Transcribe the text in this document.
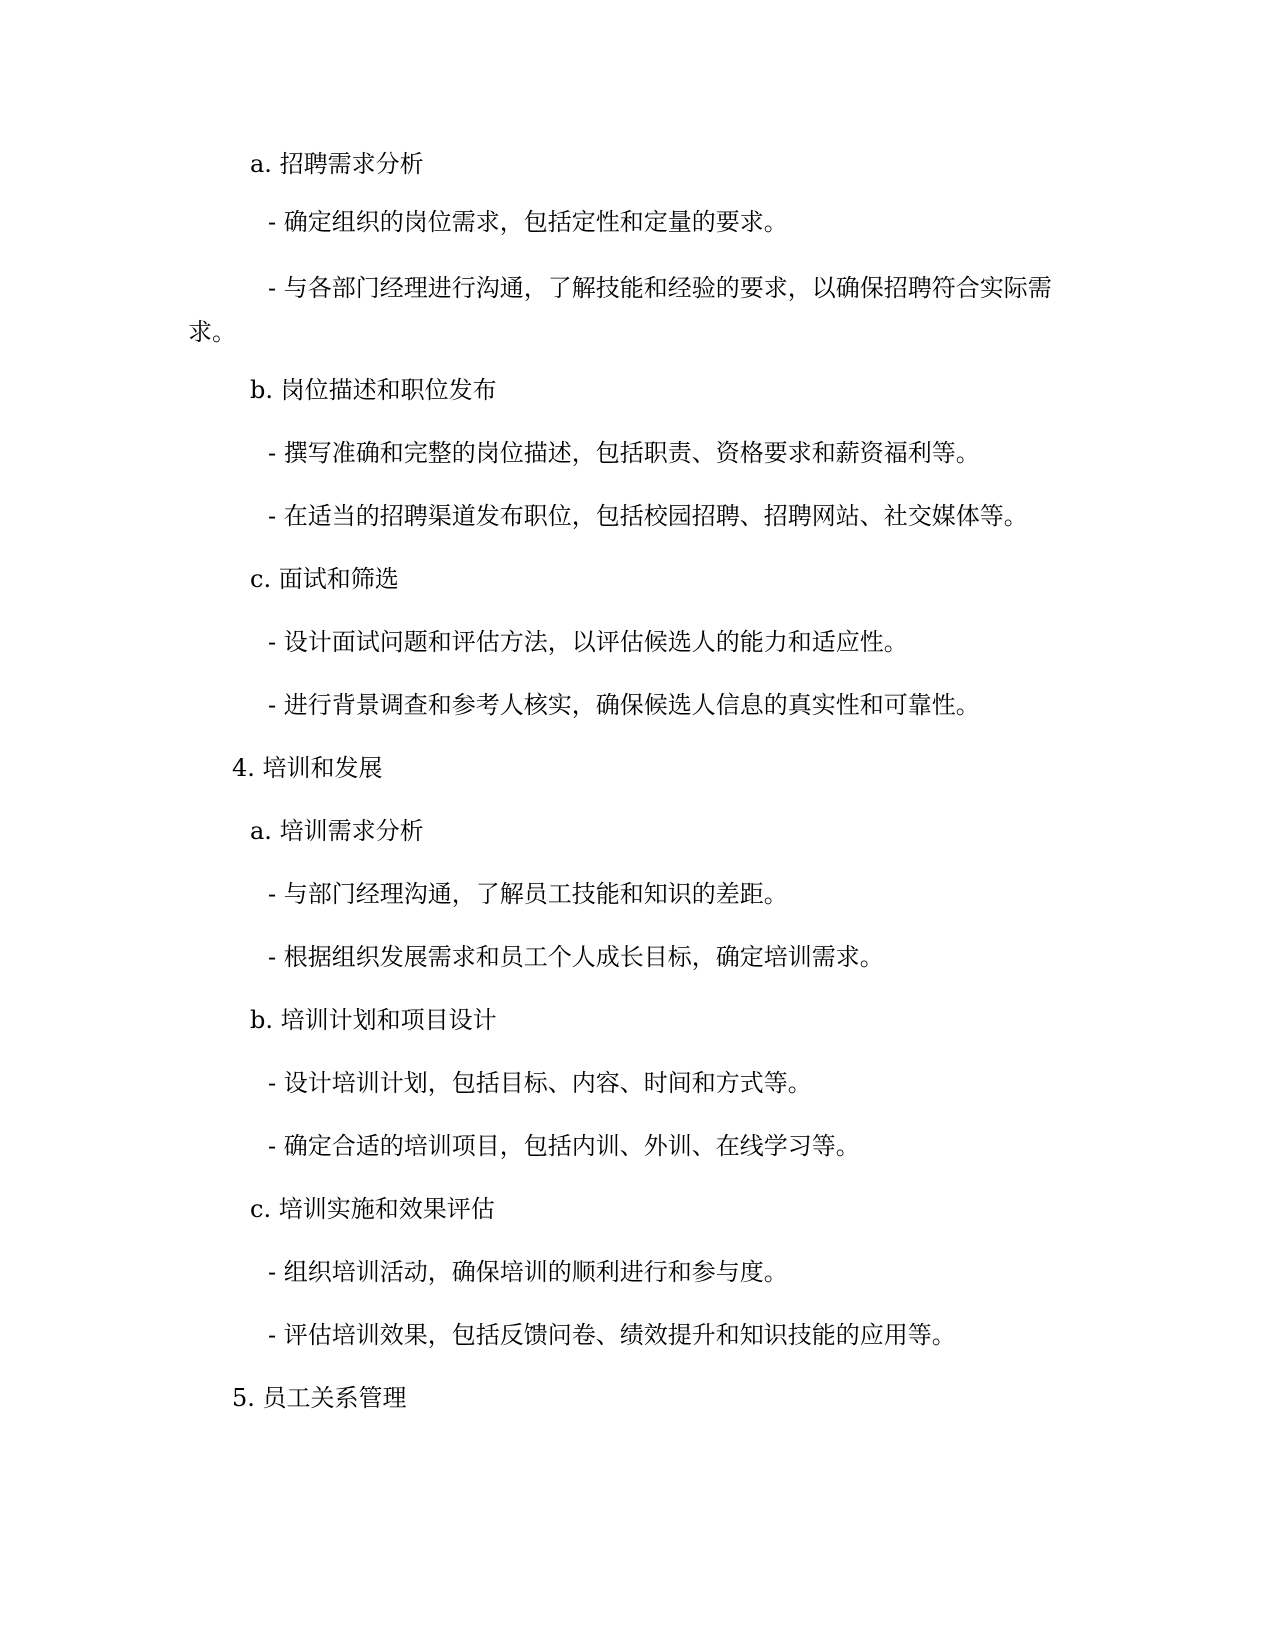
a. 招聘需求分析
- 确定组织的岗位需求，包括定性和定量的要求。
- 与各部门经理进行沟通，了解技能和经验的要求，以确保招聘符合实际需求。
b. 岗位描述和职位发布
- 撰写准确和完整的岗位描述，包括职责、资格要求和薪资福利等。
- 在适当的招聘渠道发布职位，包括校园招聘、招聘网站、社交媒体等。
c. 面试和筛选
- 设计面试问题和评估方法，以评估候选人的能力和适应性。
- 进行背景调查和参考人核实，确保候选人信息的真实性和可靠性。
4. 培训和发展
a. 培训需求分析
- 与部门经理沟通，了解员工技能和知识的差距。
- 根据组织发展需求和员工个人成长目标，确定培训需求。
b. 培训计划和项目设计
- 设计培训计划，包括目标、内容、时间和方式等。
- 确定合适的培训项目，包括内训、外训、在线学习等。
c. 培训实施和效果评估
- 组织培训活动，确保培训的顺利进行和参与度。
- 评估培训效果，包括反馈问卷、绩效提升和知识技能的应用等。
5. 员工关系管理
